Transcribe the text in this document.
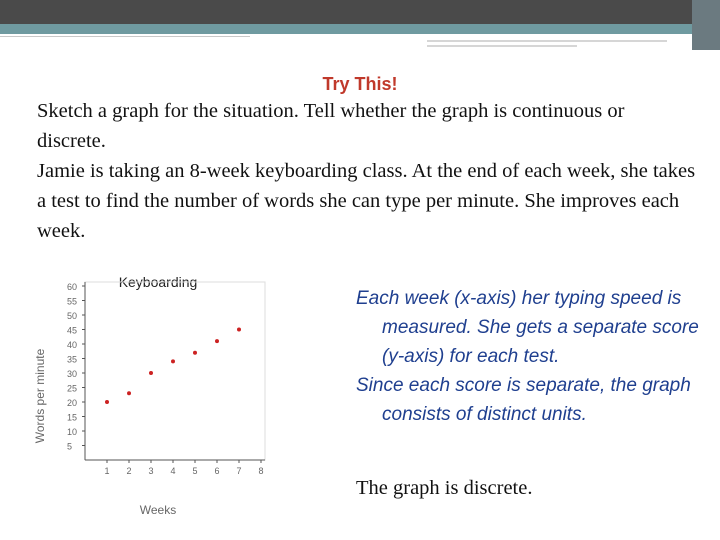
Try This!

Sketch a graph for the situation. Tell whether the graph is continuous or discrete.

Jamie is taking an 8-week keyboarding class. At the end of each week, she takes a test to find the number of words she can type per minute. She improves each week.

Keyboarding
Weeks
Words per minute
5
10
15
20
25
30
35
40
45
50
55
60
1 2 3 4 5 6 7 8

Each week (x-axis) her typing speed is measured. She gets a separate score (y-axis) for each test.

Since each score is separate, the graph consists of distinct units.

The graph is discrete.
